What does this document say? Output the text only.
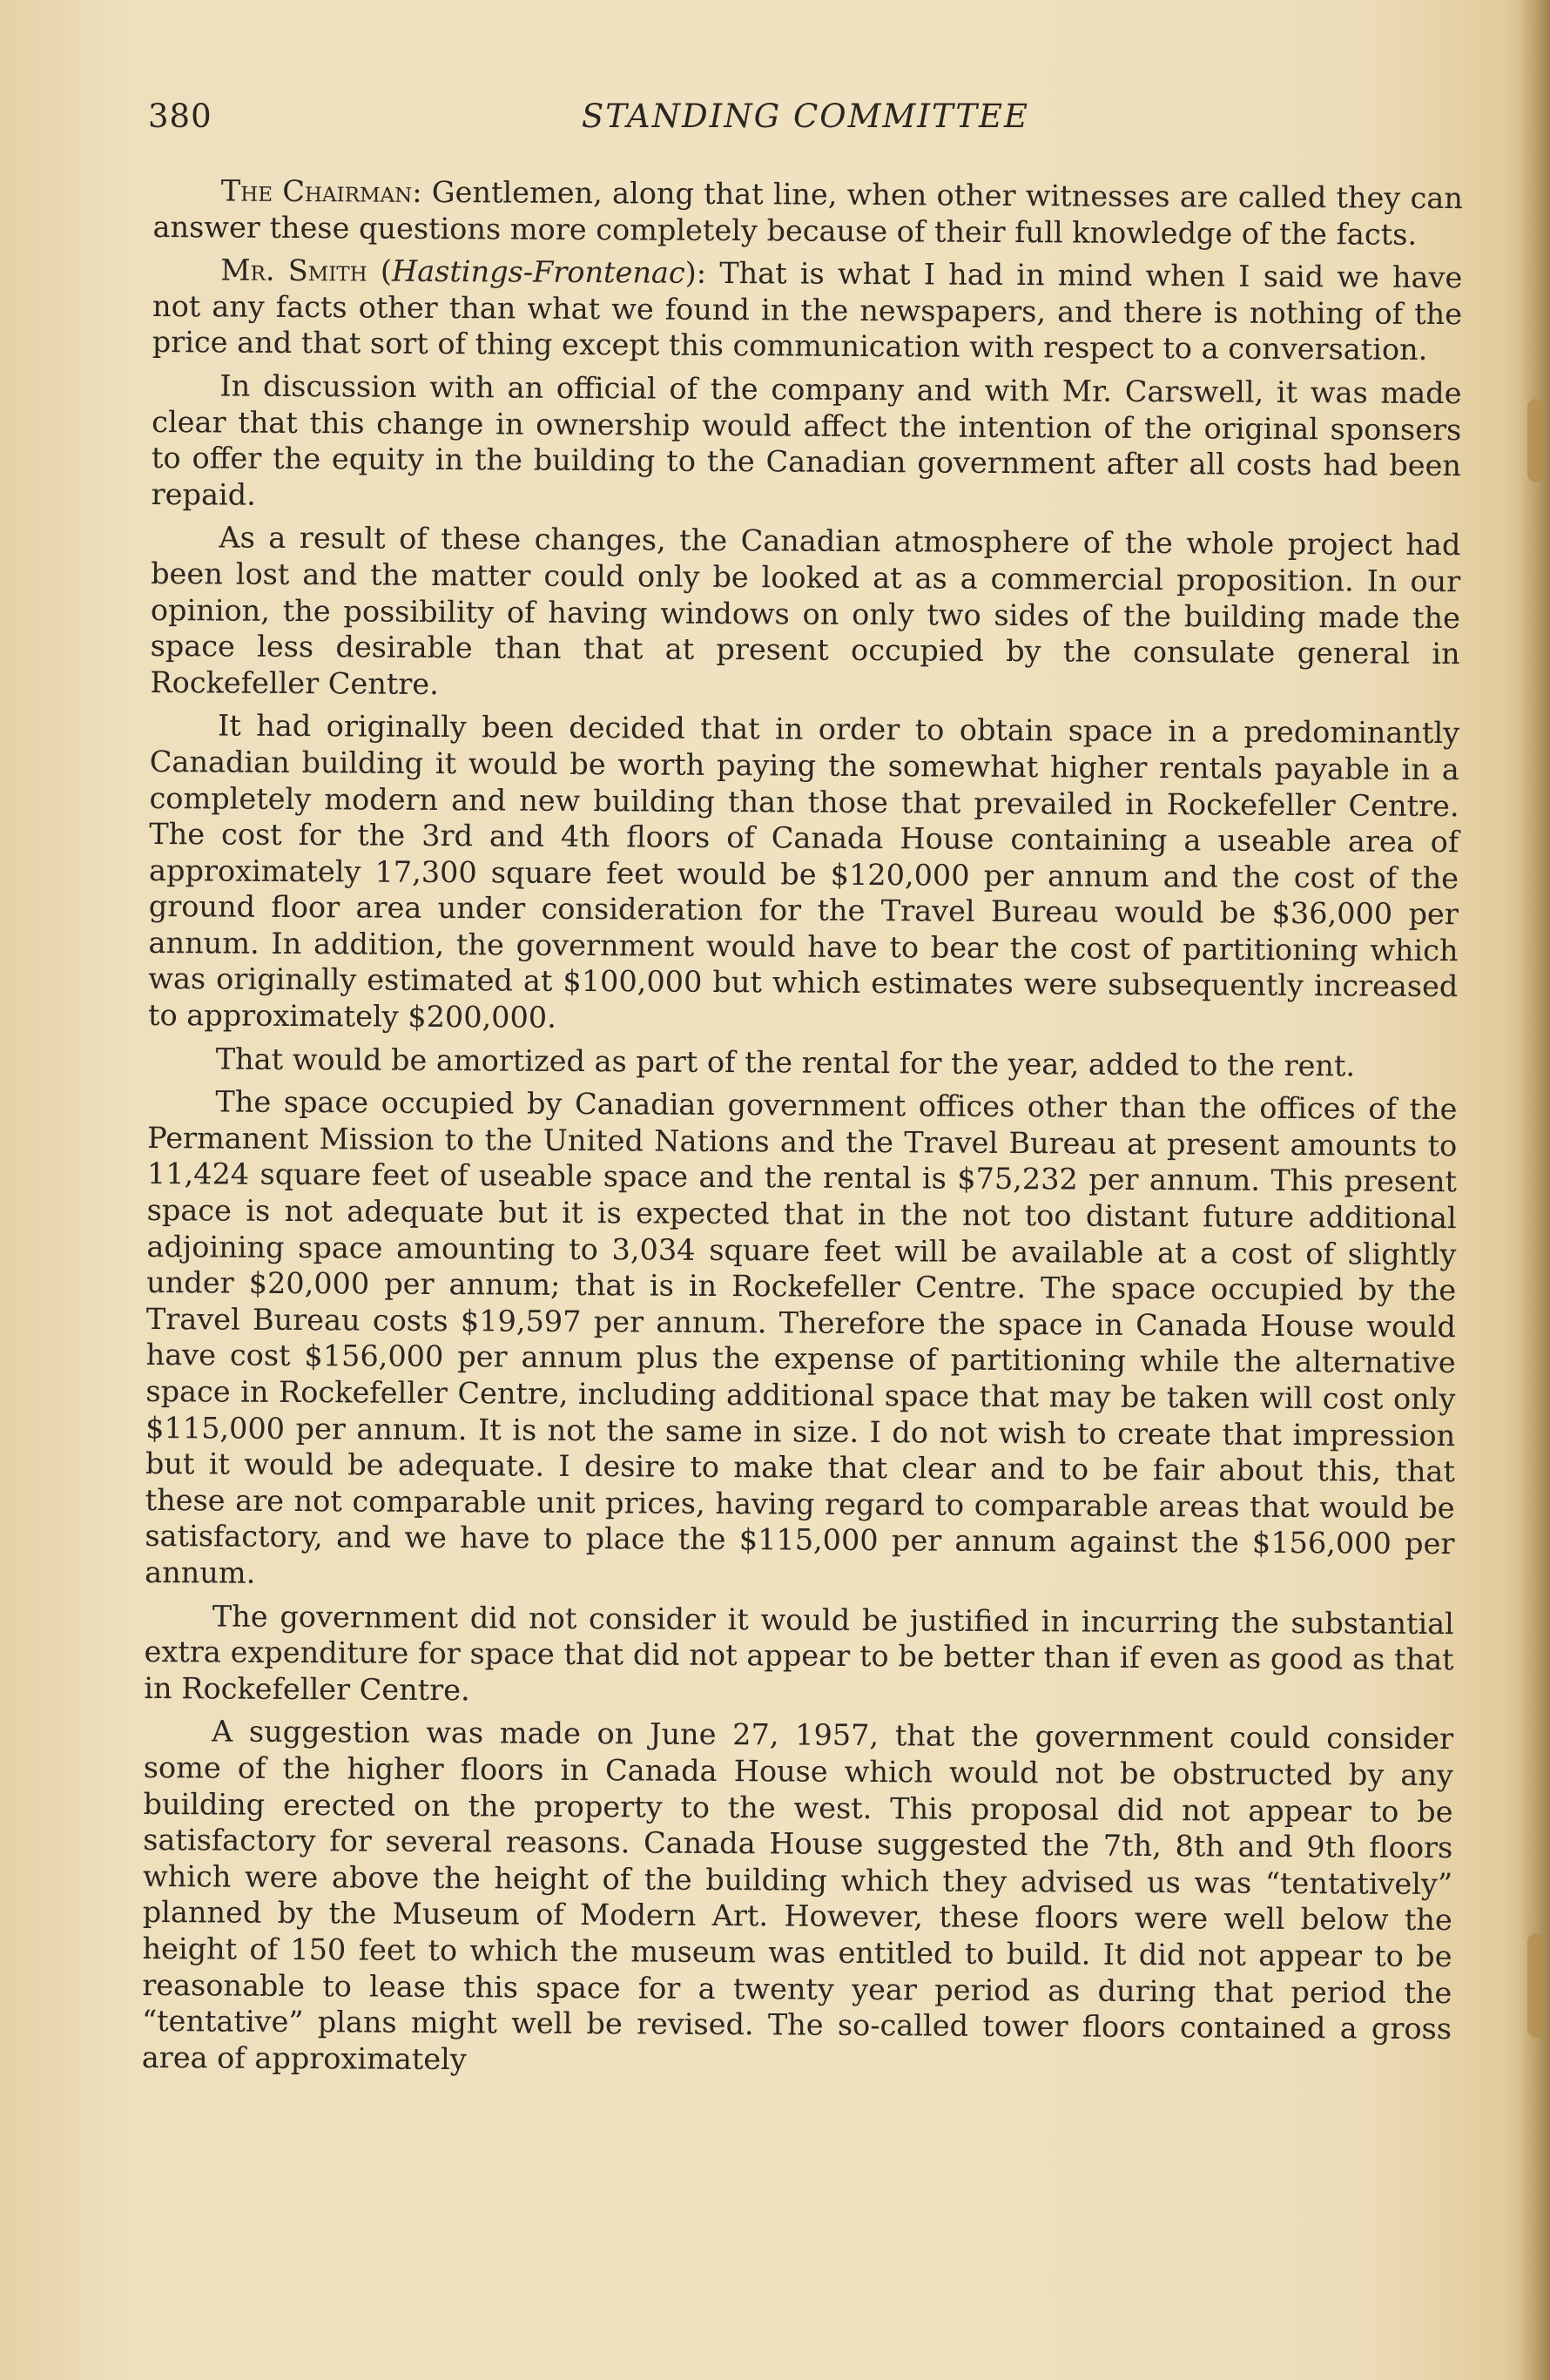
380	STANDING COMMITTEE

The Chairman: Gentlemen, along that line, when other witnesses are called they can answer these questions more completely because of their full knowledge of the facts.

Mr. Smith (Hastings-Frontenac): That is what I had in mind when I said we have not any facts other than what we found in the newspapers, and there is nothing of the price and that sort of thing except this communication with respect to a conversation.

In discussion with an official of the company and with Mr. Carswell, it was made clear that this change in ownership would affect the intention of the original sponsers to offer the equity in the building to the Canadian government after all costs had been repaid.

As a result of these changes, the Canadian atmosphere of the whole project had been lost and the matter could only be looked at as a commercial proposition. In our opinion, the possibility of having windows on only two sides of the building made the space less desirable than that at present occupied by the consulate general in Rockefeller Centre.

It had originally been decided that in order to obtain space in a predominantly Canadian building it would be worth paying the somewhat higher rentals payable in a completely modern and new building than those that prevailed in Rockefeller Centre. The cost for the 3rd and 4th floors of Canada House containing a useable area of approximately 17,300 square feet would be $120,000 per annum and the cost of the ground floor area under consideration for the Travel Bureau would be $36,000 per annum. In addition, the government would have to bear the cost of partitioning which was originally estimated at $100,000 but which estimates were subsequently increased to approximately $200,000.

That would be amortized as part of the rental for the year, added to the rent.

The space occupied by Canadian government offices other than the offices of the Permanent Mission to the United Nations and the Travel Bureau at present amounts to 11,424 square feet of useable space and the rental is $75,232 per annum. This present space is not adequate but it is expected that in the not too distant future additional adjoining space amounting to 3,034 square feet will be available at a cost of slightly under $20,000 per annum; that is in Rockefeller Centre. The space occupied by the Travel Bureau costs $19,597 per annum. Therefore the space in Canada House would have cost $156,000 per annum plus the expense of partitioning while the alternative space in Rockefeller Centre, including additional space that may be taken will cost only $115,000 per annum. It is not the same in size. I do not wish to create that impression but it would be adequate. I desire to make that clear and to be fair about this, that these are not comparable unit prices, having regard to comparable areas that would be satisfactory, and we have to place the $115,000 per annum against the $156,000 per annum.

The government did not consider it would be justified in incurring the substantial extra expenditure for space that did not appear to be better than if even as good as that in Rockefeller Centre.

A suggestion was made on June 27, 1957, that the government could consider some of the higher floors in Canada House which would not be obstructed by any building erected on the property to the west. This proposal did not appear to be satisfactory for several reasons. Canada House suggested the 7th, 8th and 9th floors which were above the height of the building which they advised us was “tentatively” planned by the Museum of Modern Art. However, these floors were well below the height of 150 feet to which the museum was entitled to build. It did not appear to be reasonable to lease this space for a twenty year period as during that period the “tentative” plans might well be revised. The so-called tower floors contained a gross area of approximately
